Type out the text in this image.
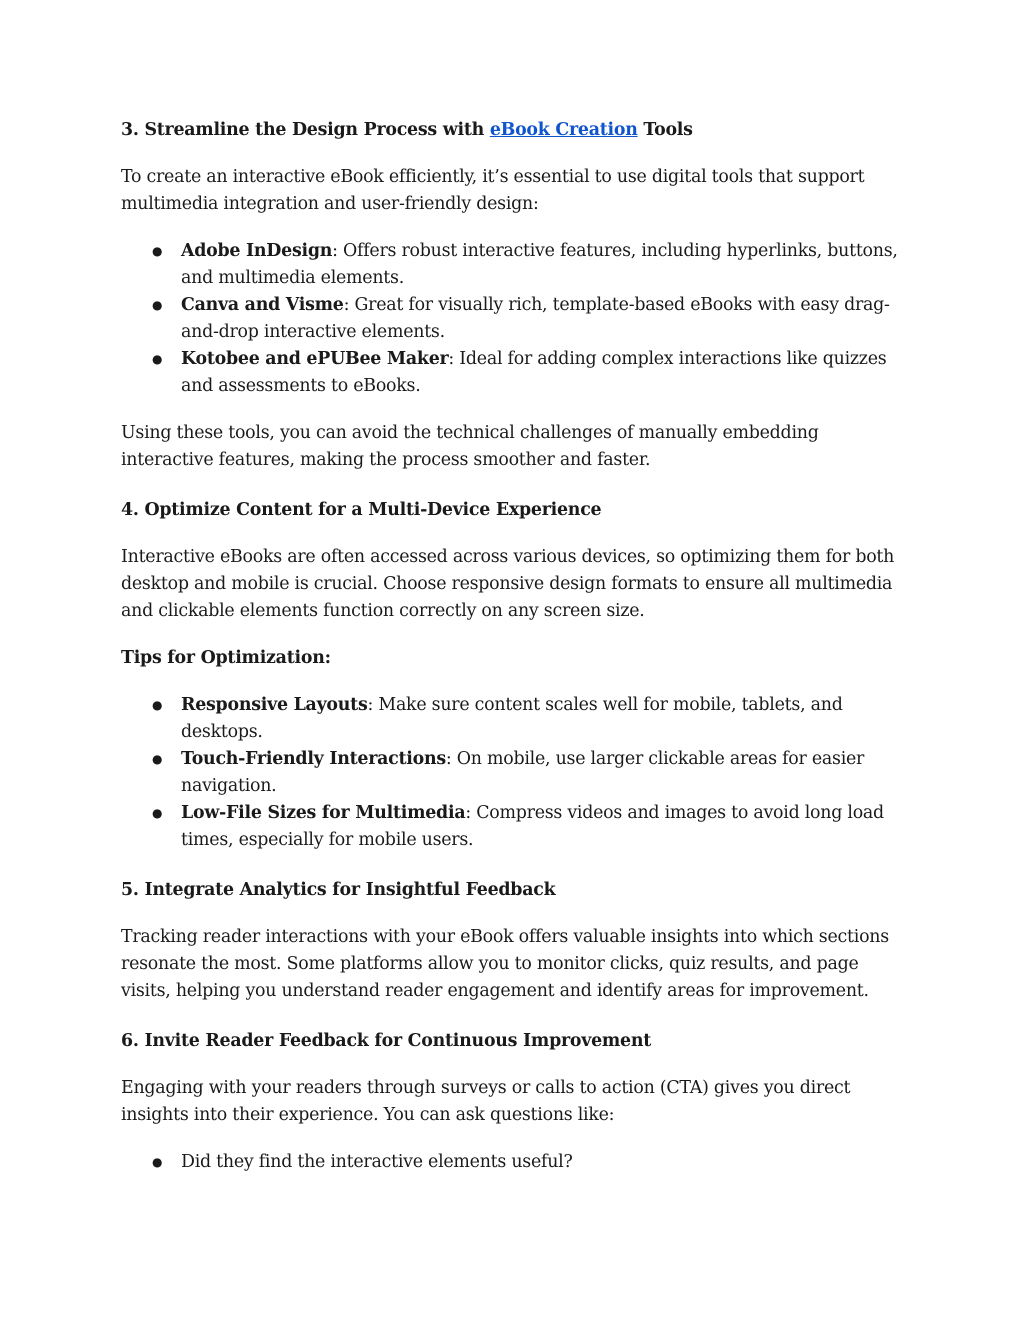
3. Streamline the Design Process with eBook Creation Tools

To create an interactive eBook efficiently, it’s essential to use digital tools that support multimedia integration and user-friendly design:

● Adobe InDesign: Offers robust interactive features, including hyperlinks, buttons, and multimedia elements.
● Canva and Visme: Great for visually rich, template-based eBooks with easy drag-and-drop interactive elements.
● Kotobee and ePUBee Maker: Ideal for adding complex interactions like quizzes and assessments to eBooks.

Using these tools, you can avoid the technical challenges of manually embedding interactive features, making the process smoother and faster.

4. Optimize Content for a Multi-Device Experience

Interactive eBooks are often accessed across various devices, so optimizing them for both desktop and mobile is crucial. Choose responsive design formats to ensure all multimedia and clickable elements function correctly on any screen size.

Tips for Optimization:
● Responsive Layouts: Make sure content scales well for mobile, tablets, and desktops.
● Touch-Friendly Interactions: On mobile, use larger clickable areas for easier navigation.
● Low-File Sizes for Multimedia: Compress videos and images to avoid long load times, especially for mobile users.
5. Integrate Analytics for Insightful Feedback

Tracking reader interactions with your eBook offers valuable insights into which sections resonate the most. Some platforms allow you to monitor clicks, quiz results, and page visits, helping you understand reader engagement and identify areas for improvement.

6. Invite Reader Feedback for Continuous Improvement

Engaging with your readers through surveys or calls to action (CTA) gives you direct insights into their experience. You can ask questions like:

● Did they find the interactive elements useful?
